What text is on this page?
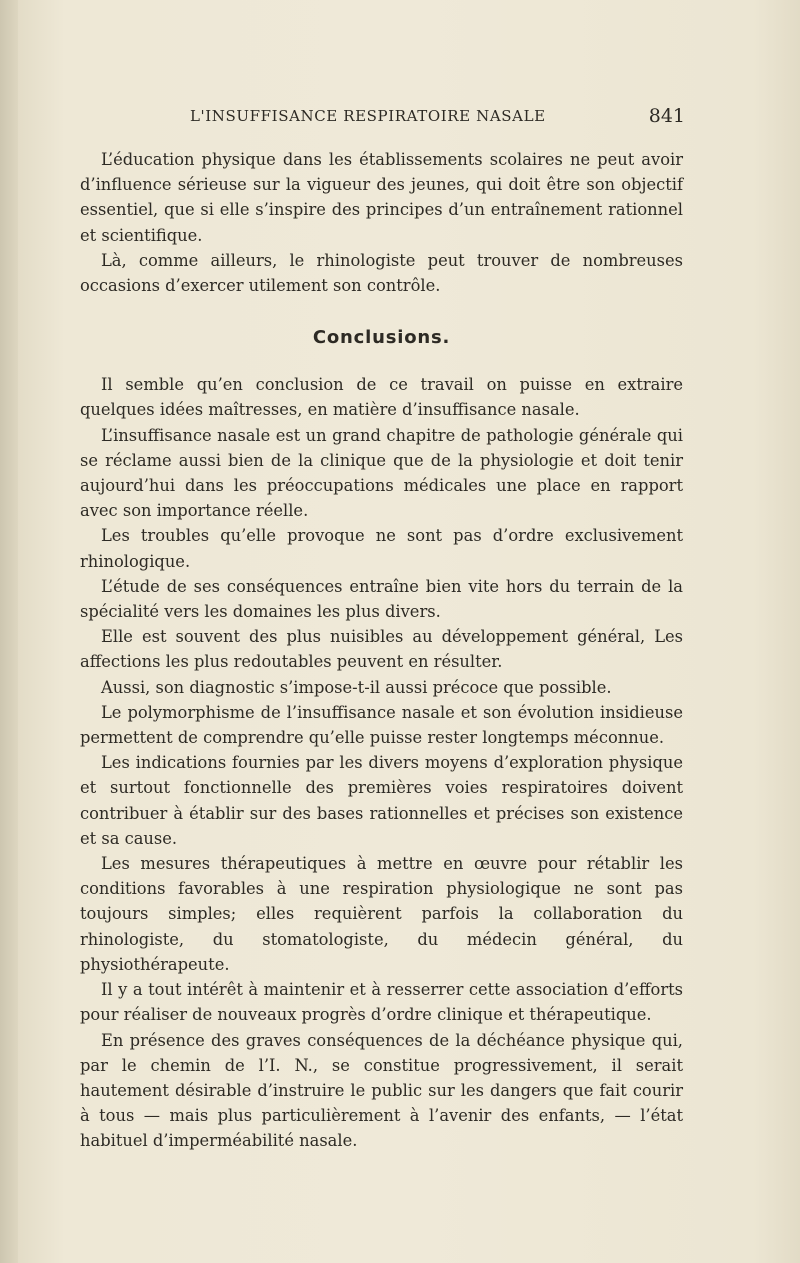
L'INSUFFISANCE RESPIRATOIRE NASALE	841

L’éducation physique dans les établissements scolaires ne peut avoir d’influence sérieuse sur la vigueur des jeunes, qui doit être son objectif essentiel, que si elle s’inspire des principes d’un entraînement rationnel et scientifique.

Là, comme ailleurs, le rhinologiste peut trouver de nombreuses occasions d’exercer utilement son contrôle.

Conclusions.

Il semble qu’en conclusion de ce travail on puisse en extraire quelques idées maîtresses, en matière d’insuffisance nasale.

L’insuffisance nasale est un grand chapitre de pathologie générale qui se réclame aussi bien de la clinique que de la physiologie et doit tenir aujourd’hui dans les préoccupations médicales une place en rapport avec son importance réelle.

Les troubles qu’elle provoque ne sont pas d’ordre exclusivement rhinologique.

L’étude de ses conséquences entraîne bien vite hors du terrain de la spécialité vers les domaines les plus divers.

Elle est souvent des plus nuisibles au développement général, Les affections les plus redoutables peuvent en résulter.

Aussi, son diagnostic s’impose-t-il aussi précoce que possible.

Le polymorphisme de l’insuffisance nasale et son évolution insidieuse permettent de comprendre qu’elle puisse rester longtemps méconnue.

Les indications fournies par les divers moyens d’exploration physique et surtout fonctionnelle des premières voies respiratoires doivent contribuer à établir sur des bases rationnelles et précises son existence et sa cause.

Les mesures thérapeutiques à mettre en œuvre pour rétablir les conditions favorables à une respiration physiologique ne sont pas toujours simples; elles requièrent parfois la collaboration du rhinologiste, du stomatologiste, du médecin général, du physiothérapeute.

Il y a tout intérêt à maintenir et à resserrer cette association d’efforts pour réaliser de nouveaux progrès d’ordre clinique et thérapeutique.

En présence des graves conséquences de la déchéance physique qui, par le chemin de l’I. N., se constitue progressivement, il serait hautement désirable d’instruire le public sur les dangers que fait courir à tous — mais plus particulièrement à l’avenir des enfants, — l’état habituel d’imperméabilité nasale.
